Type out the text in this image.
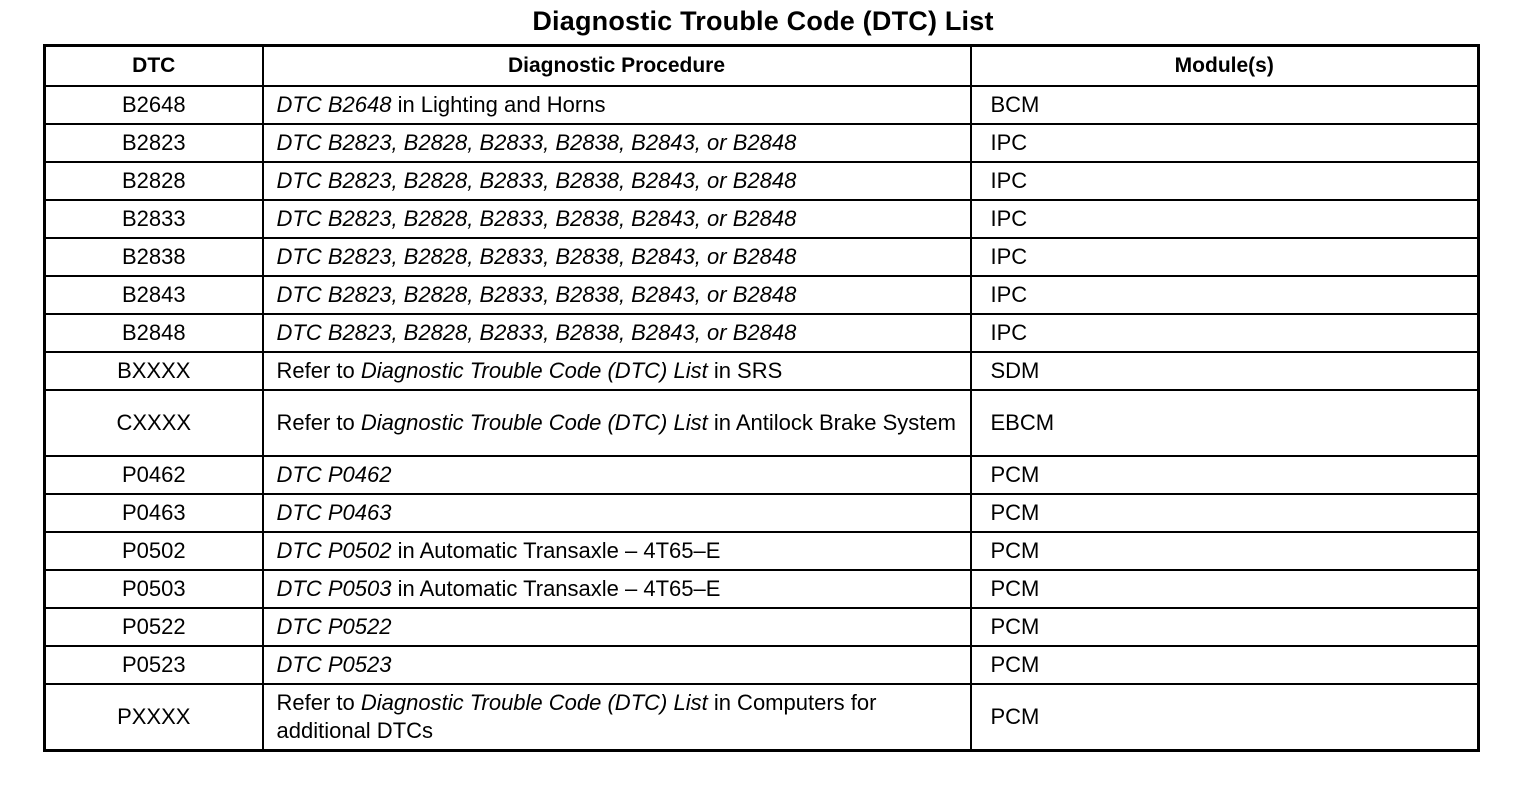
Diagnostic Trouble Code (DTC) List
DTC	Diagnostic Procedure	Module(s)
B2648	DTC B2648 in Lighting and Horns	BCM
B2823	DTC B2823, B2828, B2833, B2838, B2843, or B2848	IPC
B2828	DTC B2823, B2828, B2833, B2838, B2843, or B2848	IPC
B2833	DTC B2823, B2828, B2833, B2838, B2843, or B2848	IPC
B2838	DTC B2823, B2828, B2833, B2838, B2843, or B2848	IPC
B2843	DTC B2823, B2828, B2833, B2838, B2843, or B2848	IPC
B2848	DTC B2823, B2828, B2833, B2838, B2843, or B2848	IPC
BXXXX	Refer to Diagnostic Trouble Code (DTC) List in SRS	SDM
CXXXX	Refer to Diagnostic Trouble Code (DTC) List in Antilock Brake System	EBCM
P0462	DTC P0462	PCM
P0463	DTC P0463	PCM
P0502	DTC P0502 in Automatic Transaxle – 4T65–E	PCM
P0503	DTC P0503 in Automatic Transaxle – 4T65–E	PCM
P0522	DTC P0522	PCM
P0523	DTC P0523	PCM
PXXXX	Refer to Diagnostic Trouble Code (DTC) List in Computers for additional DTCs	PCM
